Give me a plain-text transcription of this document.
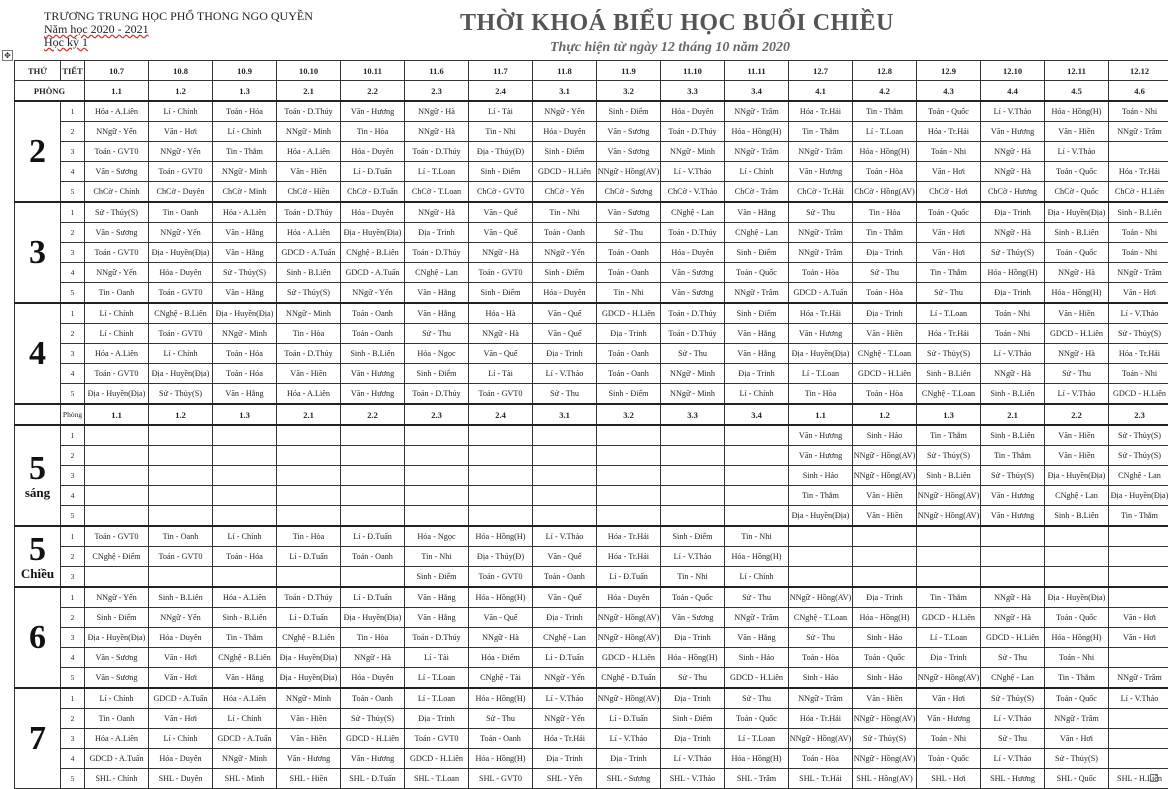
TRƯƠNG TRUNG HỌC PHỔ THONG NGO QUYỀN
Năm học 2020 - 2021
Học kỳ 1
THỜI KHOÁ BIỂU HỌC BUỔI CHIỀU
Thực hiện từ ngày 12 tháng 10 năm 2020
✥
THỨ	TIẾT	10.7	10.8	10.9	10.10	10.11	11.6	11.7	11.8	11.9	11.10	11.11	12.7	12.8	12.9	12.10	12.11	12.12
PHÒNG		1.1	1.2	1.3	2.1	2.2	2.3	2.4	3.1	3.2	3.3	3.4	4.1	4.2	4.3	4.4	4.5	4.6
2	1	Hóa - A.Liên	Lí - Chính	Toán - Hóa	Toán - D.Thúy	Văn - Hương	NNgữ - Hà	Lí - Tài	NNgữ - Yến	Sinh - Điểm	Hóa - Duyên	NNgữ - Trâm	Hóa - Tr.Hải	Tin - Thắm	Toán - Quốc	Lí - V.Thảo	Hóa - Hồng(H)	Toán - Nhi
	2	NNgữ - Yến	Văn - Hơi	Lí - Chính	NNgữ - Minh	Tin - Hòa	NNgữ - Hà	Tin - Nhi	Hóa - Duyên	Văn - Sương	Toán - D.Thúy	Hóa - Hồng(H)	Tin - Thắm	Lí - T.Loan	Hóa - Tr.Hải	Văn - Hương	Văn - Hiền	NNgữ - Trâm
	3	Toán - GVT0	NNgữ - Yến	Tin - Thắm	Hóa - A.Liên	Hóa - Duyên	Toán - D.Thúy	Địa - Thúy(Đ)	Sinh - Điểm	Văn - Sương	NNgữ - Minh	NNgữ - Trâm	NNgữ - Trâm	Hóa - Hồng(H)	Toán - Nhi	NNgữ - Hà	Lí - V.Thảo	
	4	Văn - Sương	Toán - GVT0	NNgữ - Minh	Văn - Hiền	Lí - Đ.Tuấn	Lí - T.Loan	Sinh - Điểm	GDCD - H.Liên	NNgữ - Hồng(AV)	Lí - V.Thảo	Lí - Chính	Văn - Hương	Toán - Hòa	Văn - Hơi	NNgữ - Hà	Toán - Quốc	Hóa - Tr.Hải
	5	ChCờ - Chính	ChCờ - Duyên	ChCờ - Minh	ChCờ - Hiền	ChCờ - Đ.Tuấn	ChCờ - T.Loan	ChCờ - GVT0	ChCờ - Yến	ChCờ - Sương	ChCờ - V.Thảo	ChCờ - Trâm	ChCờ - Tr.Hải	ChCờ - Hồng(AV)	ChCờ - Hơi	ChCờ - Hương	ChCờ - Quốc	ChCờ - H.Liên
3	1	Sử - Thủy(S)	Tin - Oanh	Hóa - A.Liên	Toán - D.Thúy	Hóa - Duyên	NNgữ - Hà	Văn - Quế	Tin - Nhi	Văn - Sương	CNghệ - Lan	Văn - Hằng	Sử - Thu	Tin - Hòa	Toán - Quốc	Địa - Trinh	Địa - Huyền(Địa)	Sinh - B.Liên
	2	Văn - Sương	NNgữ - Yến	Văn - Hằng	Hóa - A.Liên	Địa - Huyền(Địa)	Địa - Trinh	Văn - Quế	Toán - Oanh	Sử - Thu	Toán - D.Thúy	CNghệ - Lan	NNgữ - Trâm	Tin - Thắm	Văn - Hơi	NNgữ - Hà	Sinh - B.Liên	Toán - Nhi
	3	Toán - GVT0	Địa - Huyền(Địa)	Văn - Hằng	GDCD - A.Tuấn	CNghệ - B.Liên	Toán - D.Thúy	NNgữ - Hà	NNgữ - Yến	Toán - Oanh	Hóa - Duyên	Sinh - Điểm	NNgữ - Trâm	Địa - Trinh	Văn - Hơi	Sử - Thủy(S)	Toán - Quốc	Toán - Nhi
	4	NNgữ - Yến	Hóa - Duyên	Sử - Thủy(S)	Sinh - B.Liên	GDCD - A.Tuấn	CNghệ - Lan	Toán - GVT0	Sinh - Điểm	Toán - Oanh	Văn - Sương	Toán - Quốc	Toán - Hòa	Sử - Thu	Tin - Thắm	Hóa - Hồng(H)	NNgữ - Hà	NNgữ - Trâm
	5	Tin - Oanh	Toán - GVT0	Văn - Hằng	Sử - Thủy(S)	NNgữ - Yến	Văn - Hằng	Sinh - Điểm	Hóa - Duyên	Tin - Nhi	Văn - Sương	NNgữ - Trâm	GDCD - A.Tuấn	Toán - Hòa	Sử - Thu	Địa - Trinh	Hóa - Hồng(H)	Văn - Hơi
4	1	Lí - Chính	CNghệ - B.Liên	Địa - Huyền(Địa)	NNgữ - Minh	Toán - Oanh	Văn - Hằng	Hóa - Hà	Văn - Quế	GDCD - H.Liên	Toán - D.Thúy	Sinh - Điểm	Hóa - Tr.Hải	Địa - Trinh	Lí - T.Loan	Toán - Nhi	Văn - Hiền	Lí - V.Thảo
	2	Lí - Chính	Toán - GVT0	NNgữ - Minh	Tin - Hòa	Toán - Oanh	Sử - Thu	NNgữ - Hà	Văn - Quế	Địa - Trinh	Toán - D.Thúy	Văn - Hằng	Văn - Hương	Văn - Hiền	Hóa - Tr.Hải	Toán - Nhi	GDCD - H.Liên	Sử - Thủy(S)
	3	Hóa - A.Liên	Lí - Chính	Toán - Hóa	Toán - D.Thúy	Sinh - B.Liên	Hóa - Ngọc	Văn - Quế	Địa - Trinh	Toán - Oanh	Sử - Thu	Văn - Hằng	Địa - Huyền(Địa)	CNghệ - T.Loan	Sử - Thủy(S)	Lí - V.Thảo	NNgữ - Hà	Hóa - Tr.Hải
	4	Toán - GVT0	Địa - Huyền(Địa)	Toán - Hóa	Văn - Hiền	Văn - Hương	Sinh - Điểm	Lí - Tài	Lí - V.Thảo	Toán - Oanh	NNgữ - Minh	Địa - Trinh	Lí - T.Loan	GDCD - H.Liên	Sinh - B.Liên	NNgữ - Hà	Sử - Thu	Toán - Nhi
	5	Địa - Huyền(Địa)	Sử - Thủy(S)	Văn - Hằng	Hóa - A.Liên	Văn - Hương	Toán - D.Thúy	Toán - GVT0	Sử - Thu	Sinh - Điểm	NNgữ - Minh	Lí - Chính	Tin - Hòa	Toán - Hòa	CNghệ - T.Loan	Sinh - B.Liên	Lí - V.Thảo	GDCD - H.Liên
	Phòng	1.1	1.2	1.3	2.1	2.2	2.3	2.4	3.1	3.2	3.3	3.4	1.1	1.2	1.3	2.1	2.2	2.3
5
sáng	1												Văn - Hương	Sinh - Hảo	Tin - Thắm	Sinh - B.Liên	Văn - Hiền	Sử - Thủy(S)
	2												Văn - Hương	NNgữ - Hồng(AV)	Sử - Thủy(S)	Tin - Thắm	Văn - Hiền	Sử - Thủy(S)
	3												Sinh - Hảo	NNgữ - Hồng(AV)	Sinh - B.Liên	Sử - Thủy(S)	Địa - Huyền(Địa)	CNghệ - Lan
	4												Tin - Thắm	Văn - Hiền	NNgữ - Hồng(AV)	Văn - Hương	CNghệ - Lan	Địa - Huyền(Địa)
	5												Địa - Huyền(Địa)	Văn - Hiền	NNgữ - Hồng(AV)	Văn - Hương	Sinh - B.Liên	Tin - Thắm
5
Chiều	1	Toán - GVT0	Tin - Oanh	Lí - Chính	Tin - Hòa	Lí - Đ.Tuấn	Hóa - Ngọc	Hóa - Hồng(H)	Lí - V.Thảo	Hóa - Tr.Hải	Sinh - Điểm	Tin - Nhi						
	2	CNghệ - Điểm	Toán - GVT0	Toán - Hóa	Lí - Đ.Tuấn	Toán - Oanh	Tin - Nhi	Địa - Thúy(Đ)	Văn - Quế	Hóa - Tr.Hải	Lí - V.Thảo	Hóa - Hồng(H)						
	3						Sinh - Điểm	Toán - GVT0	Toán - Oanh	Lí - Đ.Tuấn	Tin - Nhi	Lí - Chính						
6	1	NNgữ - Yến	Sinh - B.Liên	Hóa - A.Liên	Toán - D.Thúy	Lí - Đ.Tuấn	Văn - Hằng	Hóa - Hồng(H)	Văn - Quế	Hóa - Duyên	Toán - Quốc	Sử - Thu	NNgữ - Hồng(AV)	Địa - Trinh	Tin - Thắm	NNgữ - Hà	Địa - Huyền(Địa)	
	2	Sinh - Điểm	NNgữ - Yến	Sinh - B.Liên	Lí - Đ.Tuấn	Địa - Huyền(Địa)	Văn - Hằng	Văn - Quế	Địa - Trinh	NNgữ - Hồng(AV)	Văn - Sương	NNgữ - Trâm	CNghệ - T.Loan	Hóa - Hồng(H)	GDCD - H.Liên	NNgữ - Hà	Toán - Quốc	Văn - Hơi
	3	Địa - Huyền(Địa)	Hóa - Duyên	Tin - Thắm	CNghệ - B.Liên	Tin - Hòa	Toán - D.Thúy	NNgữ - Hà	CNghệ - Lan	NNgữ - Hồng(AV)	Địa - Trinh	Văn - Hằng	Sử - Thu	Sinh - Hảo	Lí - T.Loan	GDCD - H.Liên	Hóa - Hồng(H)	Văn - Hơi
	4	Văn - Sương	Văn - Hơi	CNghệ - B.Liên	Địa - Huyền(Địa)	NNgữ - Hà	Lí - Tài	Hóa - Điểm	Lí - Đ.Tuấn	GDCD - H.Liên	Hóa - Hồng(H)	Sinh - Hảo	Toán - Hòa	Toán - Quốc	Địa - Trinh	Sử - Thu	Toán - Nhi	
	5	Văn - Sương	Văn - Hơi	Văn - Hằng	Địa - Huyền(Địa)	Hóa - Duyên	Lí - T.Loan	CNghệ - Tài	NNgữ - Yến	CNghệ - Đ.Tuấn	Sử - Thu	GDCD - H.Liên	Sinh - Hảo	Sinh - Hảo	NNgữ - Hồng(AV)	CNghệ - Lan	Tin - Thắm	NNgữ - Trâm
7	1	Lí - Chính	GDCD - A.Tuấn	Hóa - A.Liên	NNgữ - Minh	Toán - Oanh	Lí - T.Loan	Hóa - Hồng(H)	Lí - V.Thảo	NNgữ - Hồng(AV)	Địa - Trinh	Sử - Thu	NNgữ - Trâm	Văn - Hiền	Văn - Hơi	Sử - Thủy(S)	Toán - Quốc	Lí - V.Thảo
	2	Tin - Oanh	Văn - Hơi	Lí - Chính	Văn - Hiền	Sử - Thủy(S)	Địa - Trinh	Sử - Thu	NNgữ - Yến	Lí - Đ.Tuấn	Sinh - Điểm	Toán - Quốc	Hóa - Tr.Hải	NNgữ - Hồng(AV)	Văn - Hương	Lí - V.Thảo	NNgữ - Trâm	
	3	Hóa - A.Liên	Lí - Chính	GDCD - A.Tuấn	Văn - Hiền	GDCD - H.Liên	Toán - GVT0	Toán - Oanh	Hóa - Tr.Hải	Lí - V.Thảo	Địa - Trinh	Lí - T.Loan	NNgữ - Hồng(AV)	Sử - Thủy(S)	Toán - Nhi	Sử - Thu	Văn - Hơi	
	4	GDCD - A.Tuấn	Hóa - Duyên	NNgữ - Minh	Văn - Hương	Văn - Hương	GDCD - H.Liên	Hóa - Hồng(H)	Địa - Trinh	Địa - Trinh	Lí - V.Thảo	Hóa - Hồng(H)	Toán - Hòa	NNgữ - Hồng(AV)	Toán - Quốc	Lí - V.Thảo	Sử - Thủy(S)	
	5	SHL - Chính	SHL - Duyên	SHL - Minh	SHL - Hiền	SHL - Đ.Tuấn	SHL - T.Loan	SHL - GVT0	SHL - Yến	SHL - Sương	SHL - V.Thảo	SHL - Trâm	SHL - Tr.Hải	SHL - Hồng(AV)	SHL - Hơi	SHL - Hương	SHL - Quốc	SHL - H.Liên
